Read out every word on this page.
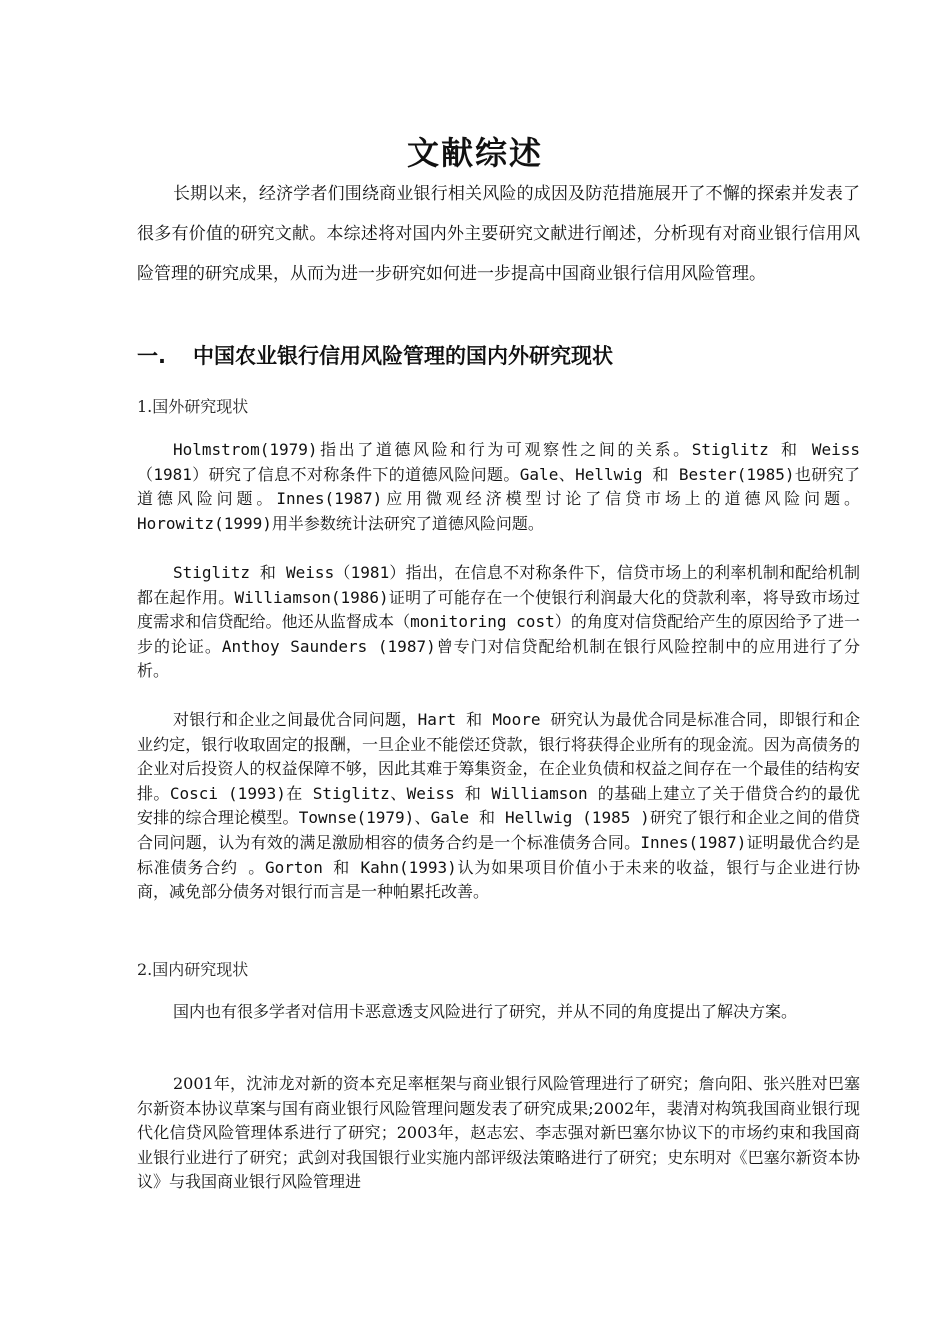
文献综述

长期以来，经济学者们围绕商业银行相关风险的成因及防范措施展开了不懈的探索并发表了很多有价值的研究文献。本综述将对国内外主要研究文献进行阐述，分析现有对商业银行信用风险管理的研究成果，从而为进一步研究如何进一步提高中国商业银行信用风险管理。

一. 中国农业银行信用风险管理的国内外研究现状

1.国外研究现状

Holmstrom(1979)指出了道德风险和行为可观察性之间的关系。Stiglitz 和 Weiss（1981）研究了信息不对称条件下的道德风险问题。Gale、Hellwig 和 Bester(1985)也研究了道德风险问题。Innes(1987)应用微观经济模型讨论了信贷市场上的道德风险问题。Horowitz(1999)用半参数统计法研究了道德风险问题。

Stiglitz 和 Weiss（1981）指出，在信息不对称条件下，信贷市场上的利率机制和配给机制都在起作用。Williamson(1986)证明了可能存在一个使银行利润最大化的贷款利率，将导致市场过度需求和信贷配给。他还从监督成本（monitoring cost）的角度对信贷配给产生的原因给予了进一步的论证。Anthoy Saunders (1987)曾专门对信贷配给机制在银行风险控制中的应用进行了分析。

对银行和企业之间最优合同问题，Hart 和 Moore 研究认为最优合同是标准合同，即银行和企业约定，银行收取固定的报酬，一旦企业不能偿还贷款，银行将获得企业所有的现金流。因为高债务的企业对后投资人的权益保障不够，因此其难于筹集资金，在企业负债和权益之间存在一个最佳的结构安排。Cosci (1993)在 Stiglitz、Weiss 和 Williamson 的基础上建立了关于借贷合约的最优安排的综合理论模型。Townse(1979)、Gale 和 Hellwig (1985 )研究了银行和企业之间的借贷合同问题，认为有效的满足激励相容的债务合约是一个标准债务合同。Innes(1987)证明最优合约是标准债务合约 。Gorton 和 Kahn(1993)认为如果项目价值小于未来的收益，银行与企业进行协商，减免部分债务对银行而言是一种帕累托改善。

2.国内研究现状

国内也有很多学者对信用卡恶意透支风险进行了研究，并从不同的角度提出了解决方案。

2001年，沈沛龙对新的资本充足率框架与商业银行风险管理进行了研究；詹向阳、张兴胜对巴塞尔新资本协议草案与国有商业银行风险管理问题发表了研究成果;2002年，裴清对构筑我国商业银行现代化信贷风险管理体系进行了研究；2003年，赵志宏、李志强对新巴塞尔协议下的市场约束和我国商业银行业进行了研究；武剑对我国银行业实施内部评级法策略进行了研究；史东明对《巴塞尔新资本协议》与我国商业银行风险管理进
